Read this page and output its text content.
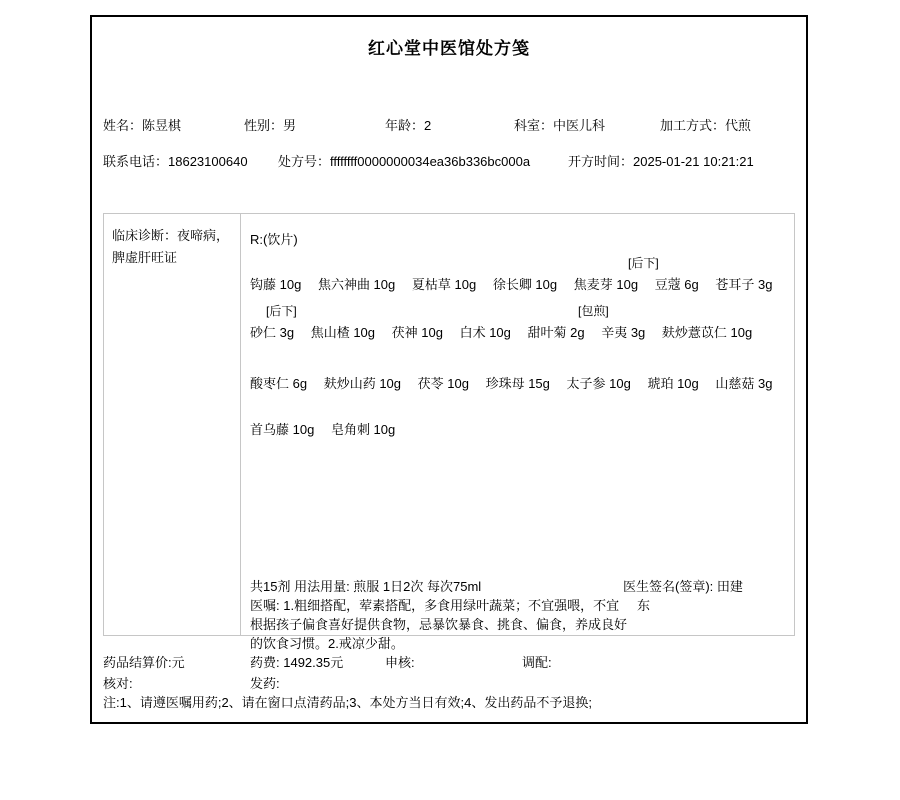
红心堂中医馆处方笺
姓名：陈昱棋	性别：男	年龄：2	科室：中医儿科	加工方式：代煎
联系电话：18623100640 处方号：ffffffff0000000034ea36b336bc000a	开方时间：2025-01-21 10:21:21
临床诊断：夜啼病，
脾虚肝旺证
R:(饮片)
[后下]
钩藤 10g 焦六神曲 10g 夏枯草 10g 徐长卿 10g 焦麦芽 10g 豆蔻 6g 苍耳子 3g
[后下]	[包煎]
砂仁 3g 焦山楂 10g 茯神 10g 白术 10g 甜叶菊 2g 辛夷 3g 麸炒薏苡仁 10g
酸枣仁 6g 麸炒山药 10g 茯苓 10g 珍珠母 15g 太子参 10g 琥珀 10g 山慈菇 3g
首乌藤 10g 皂角刺 10g
共15剂 用法用量: 煎服 1日2次 每次75ml	医生签名(签章): 田建
医嘱: 1.粗细搭配，荤素搭配，多食用绿叶蔬菜；不宜强喂，不宜 东
根据孩子偏食喜好提供食物，忌暴饮暴食、挑食、偏食，养成良好
的饮食习惯。2.戒凉少甜。
药品结算价:元	药费: 1492.35元	申核:	调配:
核对:	发药:
注:1、请遵医嘱用药;2、请在窗口点清药品;3、本处方当日有效;4、发出药品不予退换;
